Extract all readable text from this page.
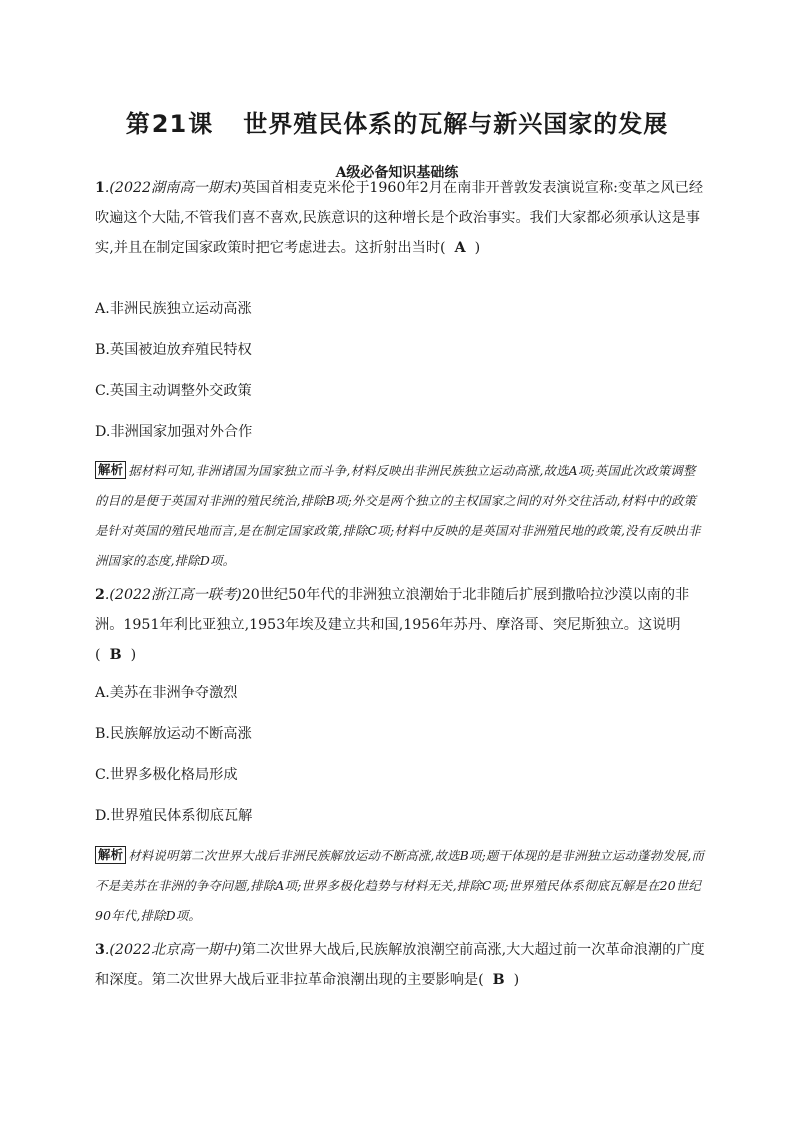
第21课 世界殖民体系的瓦解与新兴国家的发展
A级必备知识基础练
1.(2022湖南高一期末)英国首相麦克米伦于1960年2月在南非开普敦发表演说宣称:变革之风已经吹遍这个大陆,不管我们喜不喜欢,民族意识的这种增长是个政治事实。我们大家都必须承认这是事实,并且在制定国家政策时把它考虑进去。这折射出当时( A )
A.非洲民族独立运动高涨
B.英国被迫放弃殖民特权
C.英国主动调整外交政策
D.非洲国家加强对外合作
解析 据材料可知,非洲诸国为国家独立而斗争,材料反映出非洲民族独立运动高涨,故选A项;英国此次政策调整的目的是便于英国对非洲的殖民统治,排除B项;外交是两个独立的主权国家之间的对外交往活动,材料中的政策是针对英国的殖民地而言,是在制定国家政策,排除C项;材料中反映的是英国对非洲殖民地的政策,没有反映出非洲国家的态度,排除D项。
2.(2022浙江高一联考)20世纪50年代的非洲独立浪潮始于北非随后扩展到撒哈拉沙漠以南的非洲。1951年利比亚独立,1953年埃及建立共和国,1956年苏丹、摩洛哥、突尼斯独立。这说明
( B )
A.美苏在非洲争夺激烈
B.民族解放运动不断高涨
C.世界多极化格局形成
D.世界殖民体系彻底瓦解
解析 材料说明第二次世界大战后非洲民族解放运动不断高涨,故选B项;题干体现的是非洲独立运动蓬勃发展,而不是美苏在非洲的争夺问题,排除A项;世界多极化趋势与材料无关,排除C项;世界殖民体系彻底瓦解是在20世纪90年代,排除D项。
3.(2022北京高一期中)第二次世界大战后,民族解放浪潮空前高涨,大大超过前一次革命浪潮的广度和深度。第二次世界大战后亚非拉革命浪潮出现的主要影响是( B )
